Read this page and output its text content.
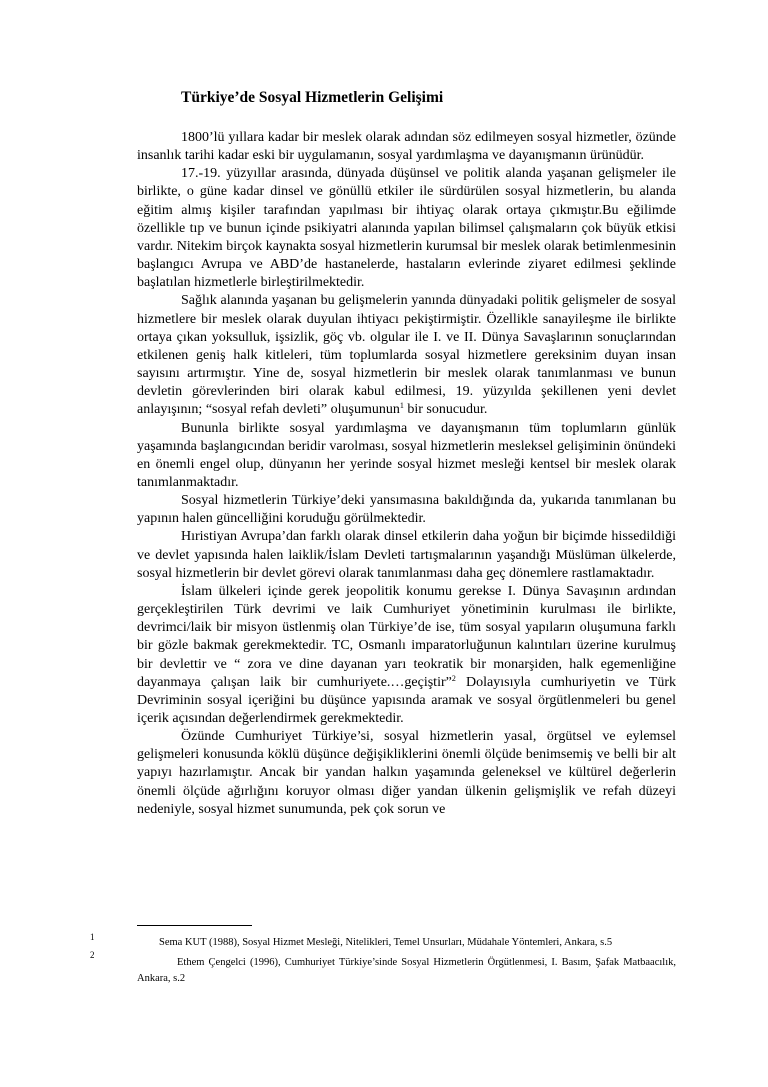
Türkiye’de Sosyal Hizmetlerin Gelişimi

1800’lü yıllara kadar bir meslek olarak adından söz edilmeyen sosyal hizmetler, özünde insanlık tarihi kadar eski bir uygulamanın, sosyal yardımlaşma ve dayanışmanın ürünüdür.

17.-19. yüzyıllar arasında, dünyada düşünsel ve politik alanda yaşanan gelişmeler ile birlikte, o güne kadar dinsel ve gönüllü etkiler ile sürdürülen sosyal hizmetlerin, bu alanda eğitim almış kişiler tarafından yapılması bir ihtiyaç olarak ortaya çıkmıştır.Bu eğilimde özellikle tıp ve bunun içinde psikiyatri alanında yapılan bilimsel çalışmaların çok büyük etkisi vardır. Nitekim birçok kaynakta sosyal hizmetlerin kurumsal bir meslek olarak betimlenmesinin başlangıcı Avrupa ve ABD’de hastanelerde, hastaların evlerinde ziyaret edilmesi şeklinde başlatılan hizmetlerle birleştirilmektedir.

Sağlık alanında yaşanan bu gelişmelerin yanında dünyadaki politik gelişmeler de sosyal hizmetlere bir meslek olarak duyulan ihtiyacı pekiştirmiştir. Özellikle sanayileşme ile birlikte ortaya çıkan yoksulluk, işsizlik, göç vb. olgular ile I. ve II. Dünya Savaşlarının sonuçlarından etkilenen geniş halk kitleleri, tüm toplumlarda sosyal hizmetlere gereksinim duyan insan sayısını artırmıştır. Yine de, sosyal hizmetlerin bir meslek olarak tanımlanması ve bunun devletin görevlerinden biri olarak kabul edilmesi, 19. yüzyılda şekillenen yeni devlet anlayışının; “sosyal refah devleti” oluşumunun$^1$ bir sonucudur.

Bununla birlikte sosyal yardımlaşma ve dayanışmanın tüm toplumların günlük yaşamında başlangıcından beridir varolması, sosyal hizmetlerin mesleksel gelişiminin önündeki en önemli engel olup, dünyanın her yerinde sosyal hizmet mesleği kentsel bir meslek olarak tanımlanmaktadır.

Sosyal hizmetlerin Türkiye’deki yansımasına bakıldığında da, yukarıda tanımlanan bu yapının halen güncelliğini koruduğu görülmektedir.

Hıristiyan Avrupa’dan farklı olarak dinsel etkilerin daha yoğun bir biçimde hissedildiği ve devlet yapısında halen laiklik/İslam Devleti tartışmalarının yaşandığı Müslüman ülkelerde, sosyal hizmetlerin bir devlet görevi olarak tanımlanması daha geç dönemlere rastlamaktadır.

İslam ülkeleri içinde gerek jeopolitik konumu gerekse I. Dünya Savaşının ardından gerçekleştirilen Türk devrimi ve laik Cumhuriyet yönetiminin kurulması ile birlikte, devrimci/laik bir misyon üstlenmiş olan Türkiye’de ise, tüm sosyal yapıların oluşumuna farklı bir gözle bakmak gerekmektedir. TC, Osmanlı imparatorluğunun kalıntıları üzerine kurulmuş bir devlettir ve “ zora ve dine dayanan yarı teokratik bir monarşiden, halk egemenliğine dayanmaya çalışan laik bir cumhuriyete.…geçiştir”$^2$ Dolayısıyla cumhuriyetin ve Türk Devriminin sosyal içeriğini bu düşünce yapısında aramak ve sosyal örgütlenmeleri bu genel içerik açısından değerlendirmek gerekmektedir.

Özünde Cumhuriyet Türkiye’si, sosyal hizmetlerin yasal, örgütsel ve eylemsel gelişmeleri konusunda köklü düşünce değişikliklerini önemli ölçüde benimsemiş ve belli bir alt yapıyı hazırlamıştır. Ancak bir yandan halkın yaşamında geleneksel ve kültürel değerlerin önemli ölçüde ağırlığını koruyor olması diğer yandan ülkenin gelişmişlik ve refah düzeyi nedeniyle, sosyal hizmet sunumunda, pek çok sorun ve

1	Sema KUT (1988), Sosyal Hizmet Mesleği, Nitelikleri, Temel Unsurları, Müdahale Yöntemleri, Ankara, s.5
2
Ethem Çengelci (1996), Cumhuriyet Türkiye’sinde Sosyal Hizmetlerin Örgütlenmesi, I. Basım, Şafak Matbaacılık, Ankara, s.2
